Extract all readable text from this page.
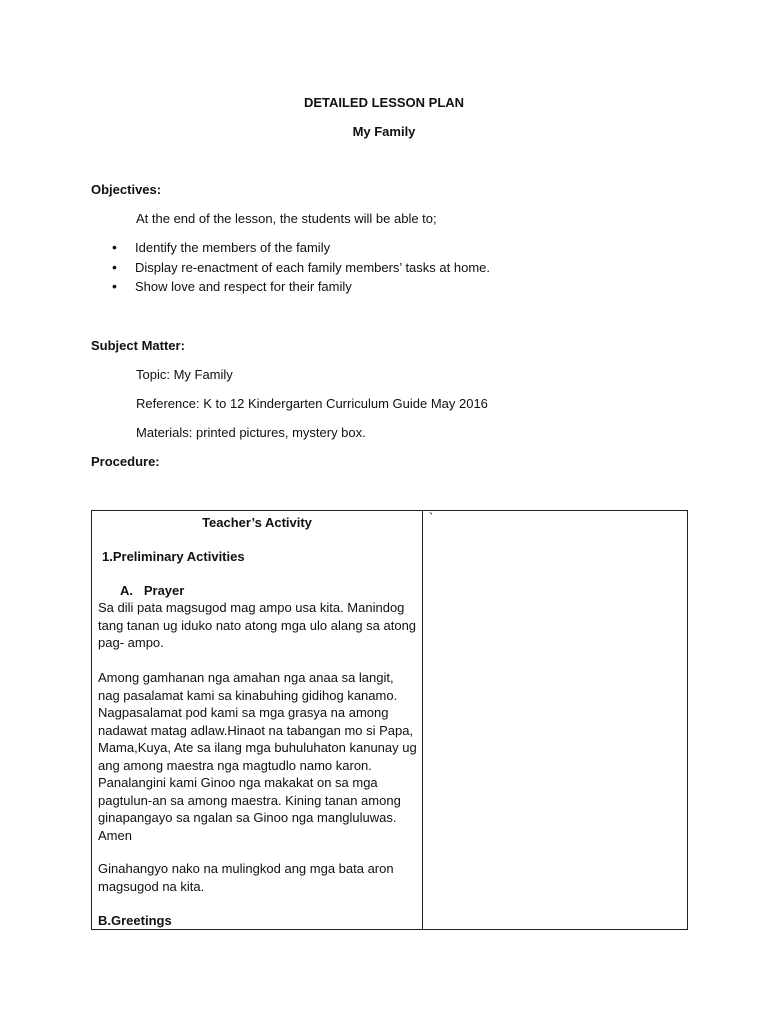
DETAILED LESSON PLAN
My Family
Objectives:
At the end of the lesson, the students will be able to;
• Identify the members of the family
• Display re-enactment of each family members’ tasks at home.
• Show love and respect for their family
Subject Matter:
Topic: My Family
Reference: K to 12 Kindergarten Curriculum Guide May 2016
Materials: printed pictures, mystery box.
Procedure:
Teacher’s Activity
1.Preliminary Activities
A.   Prayer
Sa dili pata magsugod mag ampo usa kita. Manindog tang tanan ug iduko nato atong mga ulo alang sa atong pag- ampo.
Among gamhanan nga amahan nga anaa sa langit, nag pasalamat kami sa kinabuhing gidihog kanamo. Nagpasalamat pod kami sa mga grasya na among nadawat matag adlaw.Hinaot na tabangan mo si Papa, Mama,Kuya, Ate sa ilang mga buhuluhaton kanunay ug ang among maestra nga magtudlo namo karon. Panalangini kami Ginoo nga makakat on sa mga pagtulun-an sa among maestra. Kining tanan among ginapangayo sa ngalan sa Ginoo nga mangluluwas. Amen
Ginahangyo nako na mulingkod ang mga bata aron magsugod na kita.
B.Greetings

`
